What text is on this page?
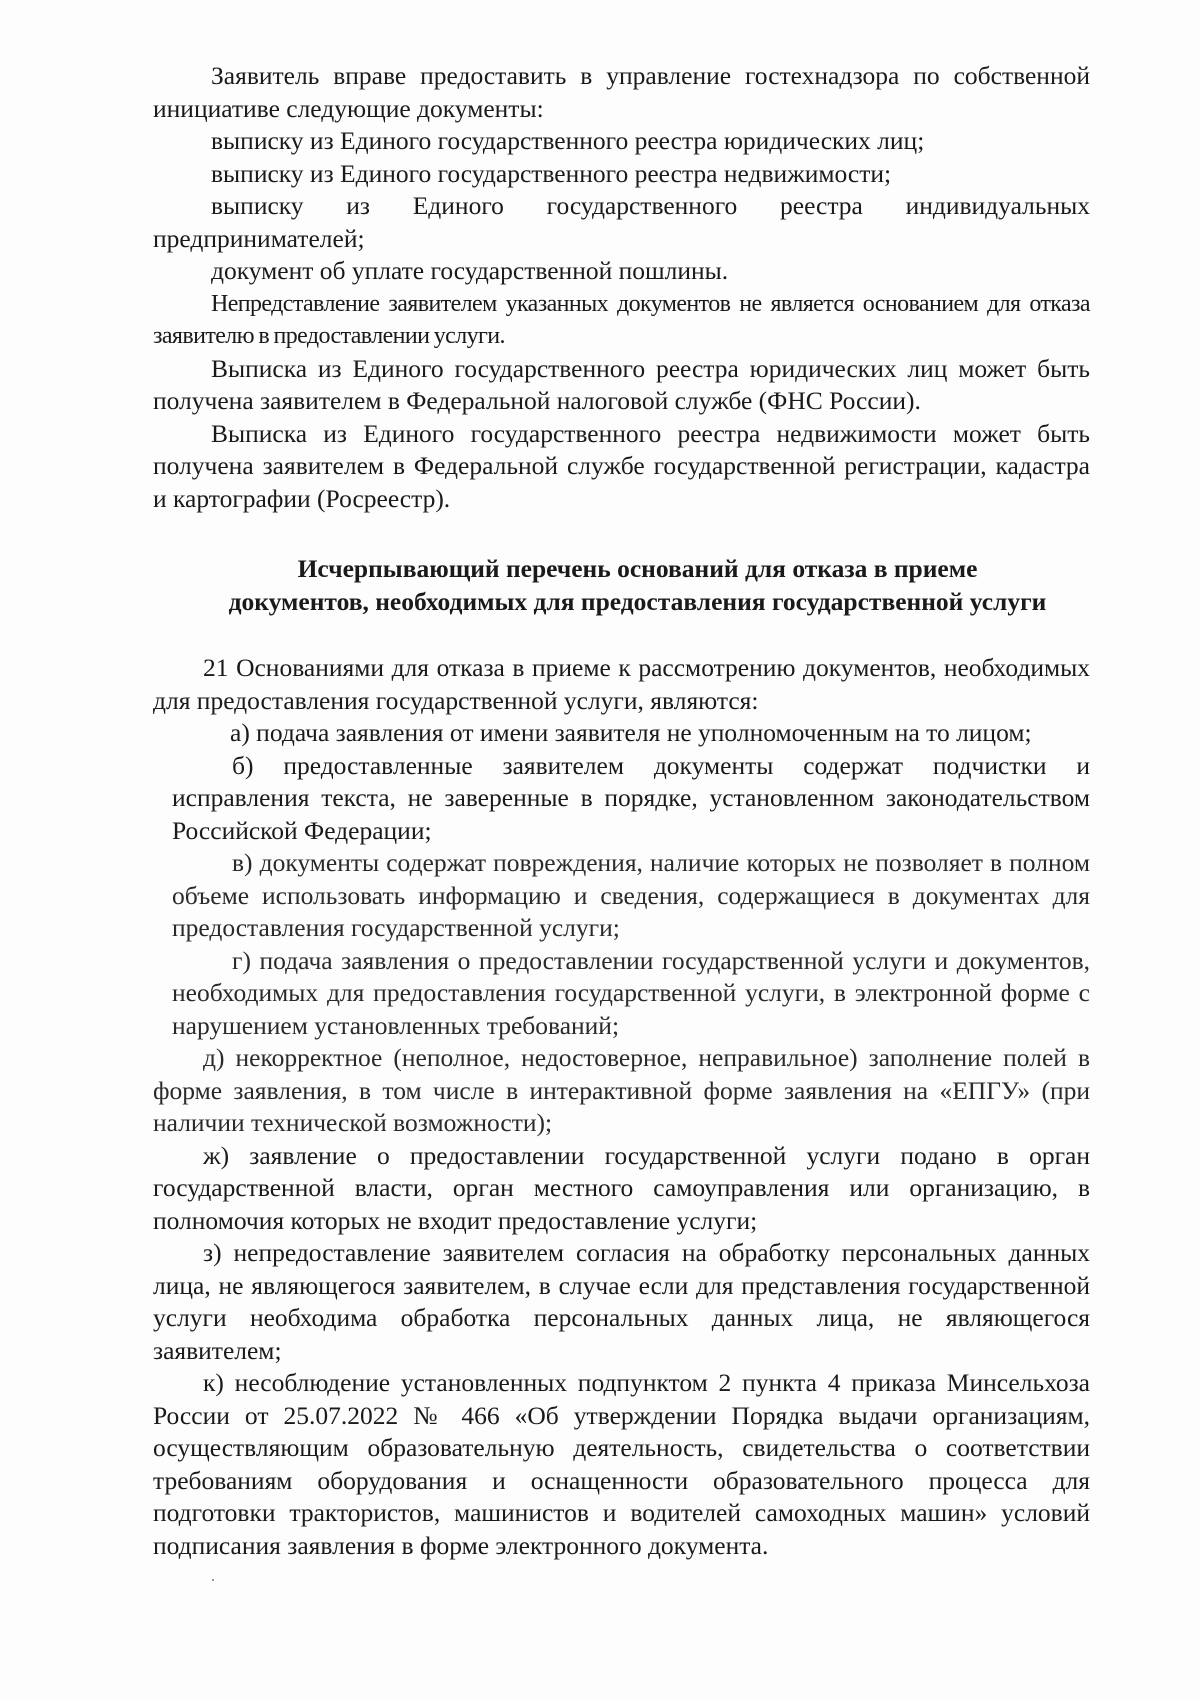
Заявитель вправе предоставить в управление гостехнадзора по собственной инициативе следующие документы:

выписку из Единого государственного реестра юридических лиц;

выписку из Единого государственного реестра недвижимости;

выписку из Единого государственного реестра индивидуальных предпринимателей;

документ об уплате государственной пошлины.

Непредставление заявителем указанных документов не является основанием для отказа заявителю в предоставлении услуги.

Выписка из Единого государственного реестра юридических лиц может быть получена заявителем в Федеральной налоговой службе (ФНС России).

Выписка из Единого государственного реестра недвижимости может быть получена заявителем в Федеральной службе государственной регистрации, кадастра и картографии (Росреестр).

Исчерпывающий перечень оснований для отказа в приеме

документов, необходимых для предоставления государственной услуги

21 Основаниями для отказа в приеме к рассмотрению документов, необходимых для предоставления государственной услуги, являются:

а) подача заявления от имени заявителя не уполномоченным на то лицом;

б) предоставленные заявителем документы содержат подчистки и исправления текста, не заверенные в порядке, установленном законодательством Российской Федерации;

в) документы содержат повреждения, наличие которых не позволяет в полном объеме использовать информацию и сведения, содержащиеся в документах для предоставления государственной услуги;

г) подача заявления о предоставлении государственной услуги и документов, необходимых для предоставления государственной услуги, в электронной форме с нарушением установленных требований;

д) некорректное (неполное, недостоверное, неправильное) заполнение полей в форме заявления, в том числе в интерактивной форме заявления на «ЕПГУ» (при наличии технической возможности);

ж) заявление о предоставлении государственной услуги подано в орган государственной власти, орган местного самоуправления или организацию, в полномочия которых не входит предоставление услуги;

з) непредоставление заявителем согласия на обработку персональных данных лица, не являющегося заявителем, в случае если для представления государственной услуги необходима обработка персональных данных лица, не являющегося заявителем;

к) несоблюдение установленных подпунктом 2 пункта 4 приказа Минсельхоза России от 25.07.2022 № 466 «Об утверждении Порядка выдачи организациям, осуществляющим образовательную деятельность, свидетельства о соответствии требованиям оборудования и оснащенности образовательного процесса для подготовки трактористов, машинистов и водителей самоходных машин» условий подписания заявления в форме электронного документа.
